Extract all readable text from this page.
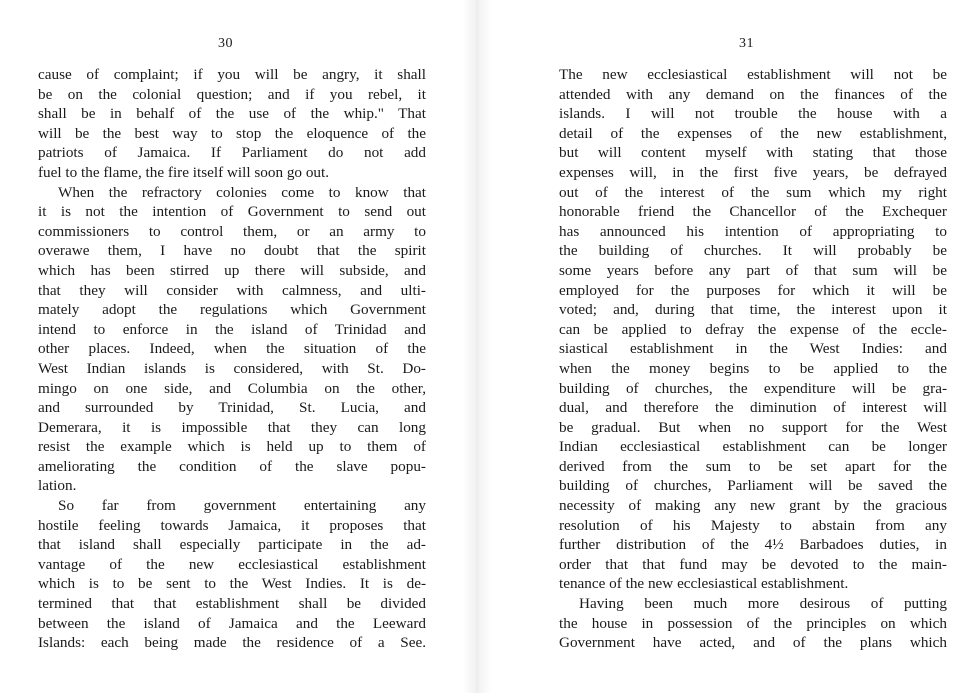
30
cause of complaint; if you will be angry, it shall
be on the colonial question; and if you rebel, it
shall be in behalf of the use of the whip." That
will be the best way to stop the eloquence of the
patriots of Jamaica. If Parliament do not add
fuel to the flame, the fire itself will soon go out.
When the refractory colonies come to know that
it is not the intention of Government to send out
commissioners to control them, or an army to
overawe them, I have no doubt that the spirit
which has been stirred up there will subside, and
that they will consider with calmness, and ulti-
mately adopt the regulations which Government
intend to enforce in the island of Trinidad and
other places. Indeed, when the situation of the
West Indian islands is considered, with St. Do-
mingo on one side, and Columbia on the other,
and surrounded by Trinidad, St. Lucia, and
Demerara, it is impossible that they can long
resist the example which is held up to them of
ameliorating the condition of the slave popu-
lation.
So far from government entertaining any
hostile feeling towards Jamaica, it proposes that
that island shall especially participate in the ad-
vantage of the new ecclesiastical establishment
which is to be sent to the West Indies. It is de-
termined that that establishment shall be divided
between the island of Jamaica and the Leeward
Islands: each being made the residence of a See.
31
The new ecclesiastical establishment will not be
attended with any demand on the finances of the
islands. I will not trouble the house with a
detail of the expenses of the new establishment,
but will content myself with stating that those
expenses will, in the first five years, be defrayed
out of the interest of the sum which my right
honorable friend the Chancellor of the Exchequer
has announced his intention of appropriating to
the building of churches. It will probably be
some years before any part of that sum will be
employed for the purposes for which it will be
voted; and, during that time, the interest upon it
can be applied to defray the expense of the eccle-
siastical establishment in the West Indies: and
when the money begins to be applied to the
building of churches, the expenditure will be gra-
dual, and therefore the diminution of interest will
be gradual. But when no support for the West
Indian ecclesiastical establishment can be longer
derived from the sum to be set apart for the
building of churches, Parliament will be saved the
necessity of making any new grant by the gracious
resolution of his Majesty to abstain from any
further distribution of the 4½ Barbadoes duties, in
order that that fund may be devoted to the main-
tenance of the new ecclesiastical establishment.
Having been much more desirous of putting
the house in possession of the principles on which
Government have acted, and of the plans which
